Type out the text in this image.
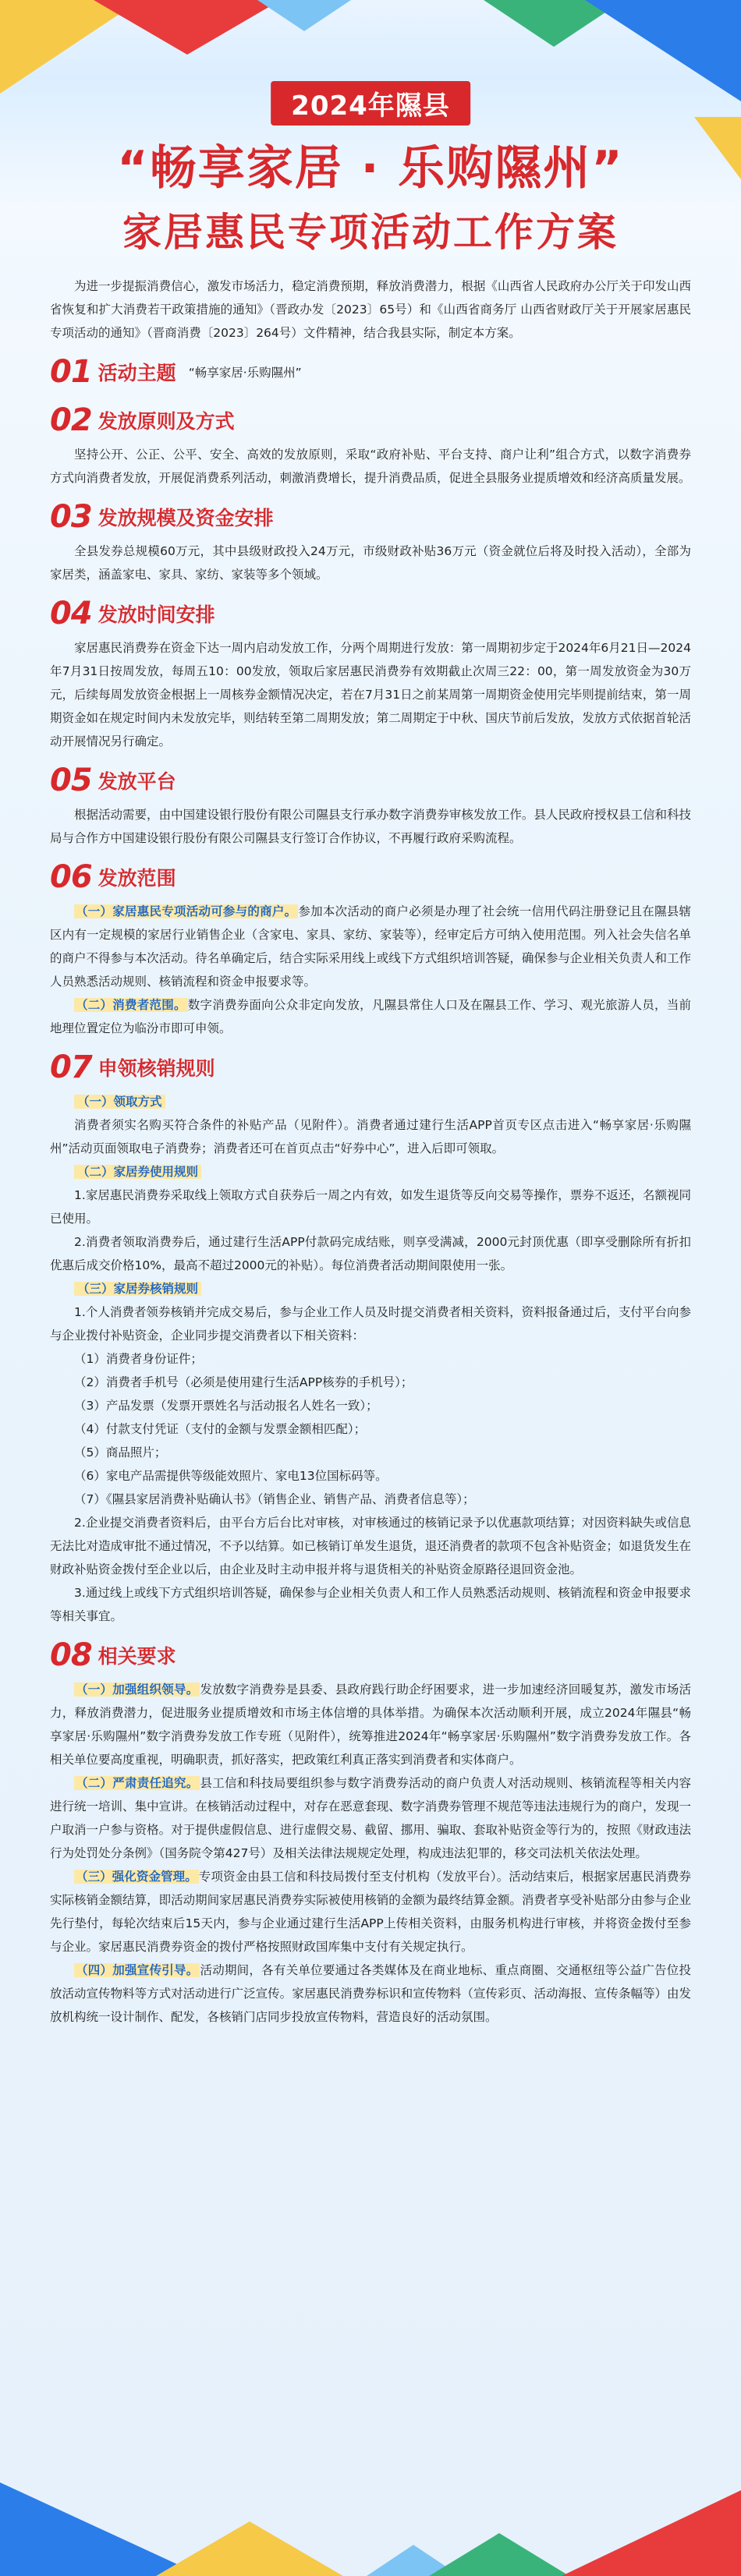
2024年隰县
“畅享家居 · 乐购隰州”
家居惠民专项活动工作方案

为进一步提振消费信心，激发市场活力，稳定消费预期，释放消费潜力，根据《山西省人民政府办公厅关于印发山西省恢复和扩大消费若干政策措施的通知》（晋政办发〔2023〕65号）和《山西省商务厅 山西省财政厅关于开展家居惠民专项活动的通知》（晋商消费〔2023〕264号）文件精神，结合我县实际，制定本方案。

01 活动主题 “畅享家居·乐购隰州”
02 发放原则及方式

坚持公开、公正、公平、安全、高效的发放原则，采取“政府补贴、平台支持、商户让利”组合方式，以数字消费券方式向消费者发放，开展促消费系列活动，刺激消费增长，提升消费品质，促进全县服务业提质增效和经济高质量发展。

03 发放规模及资金安排

全县发券总规模60万元，其中县级财政投入24万元，市级财政补贴36万元（资金就位后将及时投入活动），全部为家居类，涵盖家电、家具、家纺、家装等多个领域。

04 发放时间安排

家居惠民消费券在资金下达一周内启动发放工作，分两个周期进行发放：第一周期初步定于2024年6月21日—2024年7月31日按周发放，每周五10：00发放，领取后家居惠民消费券有效期截止次周三22：00，第一周发放资金为30万元，后续每周发放资金根据上一周核券金额情况决定，若在7月31日之前某周第一周期资金使用完毕则提前结束，第一周期资金如在规定时间内未发放完毕，则结转至第二周期发放；第二周期定于中秋、国庆节前后发放，发放方式依据首轮活动开展情况另行确定。

05 发放平台

根据活动需要，由中国建设银行股份有限公司隰县支行承办数字消费券审核发放工作。县人民政府授权县工信和科技局与合作方中国建设银行股份有限公司隰县支行签订合作协议，不再履行政府采购流程。

06 发放范围

（一）家居惠民专项活动可参与的商户。 参加本次活动的商户必须是办理了社会统一信用代码注册登记且在隰县辖区内有一定规模的家居行业销售企业（含家电、家具、家纺、家装等），经审定后方可纳入使用范围。列入社会失信名单的商户不得参与本次活动。待名单确定后，结合实际采用线上或线下方式组织培训答疑，确保参与企业相关负责人和工作人员熟悉活动规则、核销流程和资金申报要求等。

（二）消费者范围。 数字消费券面向公众非定向发放，凡隰县常住人口及在隰县工作、学习、观光旅游人员，当前地理位置定位为临汾市即可申领。

07 申领核销规则

（一）领取方式

消费者须实名购买符合条件的补贴产品（见附件）。消费者通过建行生活APP首页专区点击进入“畅享家居·乐购隰州”活动页面领取电子消费券；消费者还可在首页点击“好券中心”，进入后即可领取。

（二）家居券使用规则

1.家居惠民消费券采取线上领取方式自获券后一周之内有效，如发生退货等反向交易等操作，票券不返还，名额视同已使用。

2.消费者领取消费券后，通过建行生活APP付款码完成结账，则享受满减，2000元封顶优惠（即享受删除所有折扣优惠后成交价格10%，最高不超过2000元的补贴）。每位消费者活动期间限使用一张。

（三）家居券核销规则

1.个人消费者领券核销并完成交易后，参与企业工作人员及时提交消费者相关资料，资料报备通过后，支付平台向参与企业拨付补贴资金，企业同步提交消费者以下相关资料：

（1）消费者身份证件；

（2）消费者手机号（必须是使用建行生活APP核券的手机号）；

（3）产品发票（发票开票姓名与活动报名人姓名一致）；

（4）付款支付凭证（支付的金额与发票金额相匹配）；

（5）商品照片；

（6）家电产品需提供等级能效照片、家电13位国标码等。

（7）《隰县家居消费补贴确认书》（销售企业、销售产品、消费者信息等）；

2.企业提交消费者资料后，由平台方后台比对审核，对审核通过的核销记录予以优惠款项结算；对因资料缺失或信息无法比对造成审批不通过情况，不予以结算。如已核销订单发生退货，退还消费者的款项不包含补贴资金；如退货发生在财政补贴资金拨付至企业以后，由企业及时主动申报并将与退货相关的补贴资金原路径退回资金池。

3.通过线上或线下方式组织培训答疑，确保参与企业相关负责人和工作人员熟悉活动规则、核销流程和资金申报要求等相关事宜。

08 相关要求

（一）加强组织领导。 发放数字消费券是县委、县政府践行助企纾困要求，进一步加速经济回暖复苏，激发市场活力，释放消费潜力，促进服务业提质增效和市场主体信增的具体举措。为确保本次活动顺利开展，成立2024年隰县“畅享家居·乐购隰州”数字消费券发放工作专班（见附件），统筹推进2024年“畅享家居·乐购隰州”数字消费券发放工作。各相关单位要高度重视，明确职责，抓好落实，把政策红利真正落实到消费者和实体商户。

（二）严肃责任追究。 县工信和科技局要组织参与数字消费券活动的商户负责人对活动规则、核销流程等相关内容进行统一培训、集中宣讲。在核销活动过程中，对存在恶意套现、数字消费券管理不规范等违法违规行为的商户，发现一户取消一户参与资格。对于提供虚假信息、进行虚假交易、截留、挪用、骗取、套取补贴资金等行为的，按照《财政违法行为处罚处分条例》（国务院令第427号）及相关法律法规规定处理，构成违法犯罪的，移交司法机关依法处理。

（三）强化资金管理。 专项资金由县工信和科技局拨付至支付机构（发放平台）。活动结束后，根据家居惠民消费券实际核销金额结算，即活动期间家居惠民消费券实际被使用核销的金额为最终结算金额。消费者享受补贴部分由参与企业先行垫付，每轮次结束后15天内，参与企业通过建行生活APP上传相关资料，由服务机构进行审核，并将资金拨付至参与企业。家居惠民消费券资金的拨付严格按照财政国库集中支付有关规定执行。

（四）加强宣传引导。 活动期间，各有关单位要通过各类媒体及在商业地标、重点商圈、交通枢纽等公益广告位投放活动宣传物料等方式对活动进行广泛宣传。家居惠民消费券标识和宣传物料（宣传彩页、活动海报、宣传条幅等）由发放机构统一设计制作、配发，各核销门店同步投放宣传物料，营造良好的活动氛围。
